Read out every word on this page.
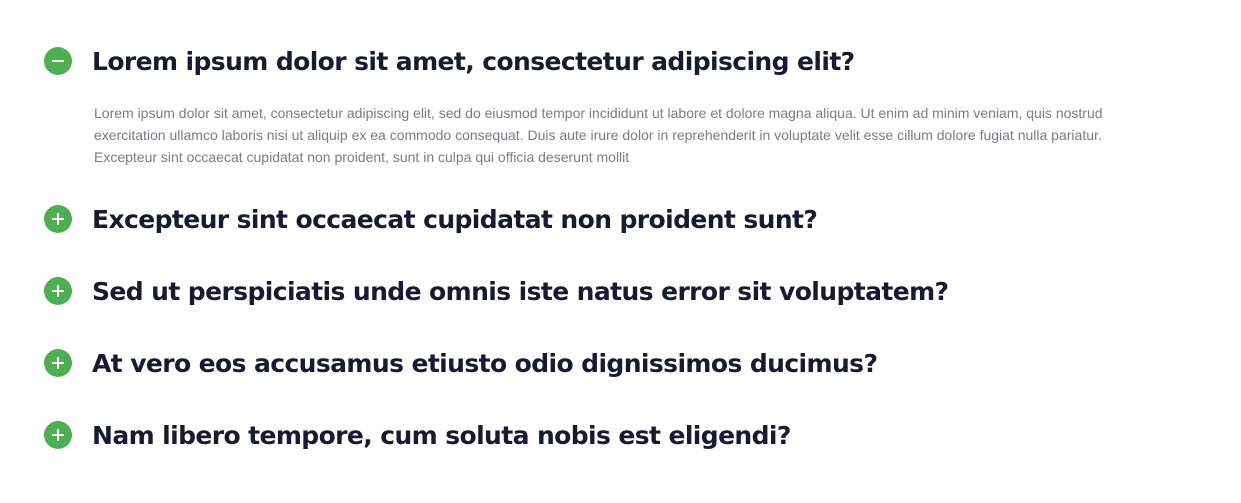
Lorem ipsum dolor sit amet, consectetur adipiscing elit?
Lorem ipsum dolor sit amet, consectetur adipiscing elit, sed do eiusmod tempor incididunt ut labore et dolore magna aliqua. Ut enim ad minim veniam, quis nostrud exercitation ullamco laboris nisi ut aliquip ex ea commodo consequat. Duis aute irure dolor in reprehenderit in voluptate velit esse cillum dolore fugiat nulla pariatur. Excepteur sint occaecat cupidatat non proident, sunt in culpa qui officia deserunt mollit
Excepteur sint occaecat cupidatat non proident sunt?
Sed ut perspiciatis unde omnis iste natus error sit voluptatem?
At vero eos accusamus etiusto odio dignissimos ducimus?
Nam libero tempore, cum soluta nobis est eligendi?
